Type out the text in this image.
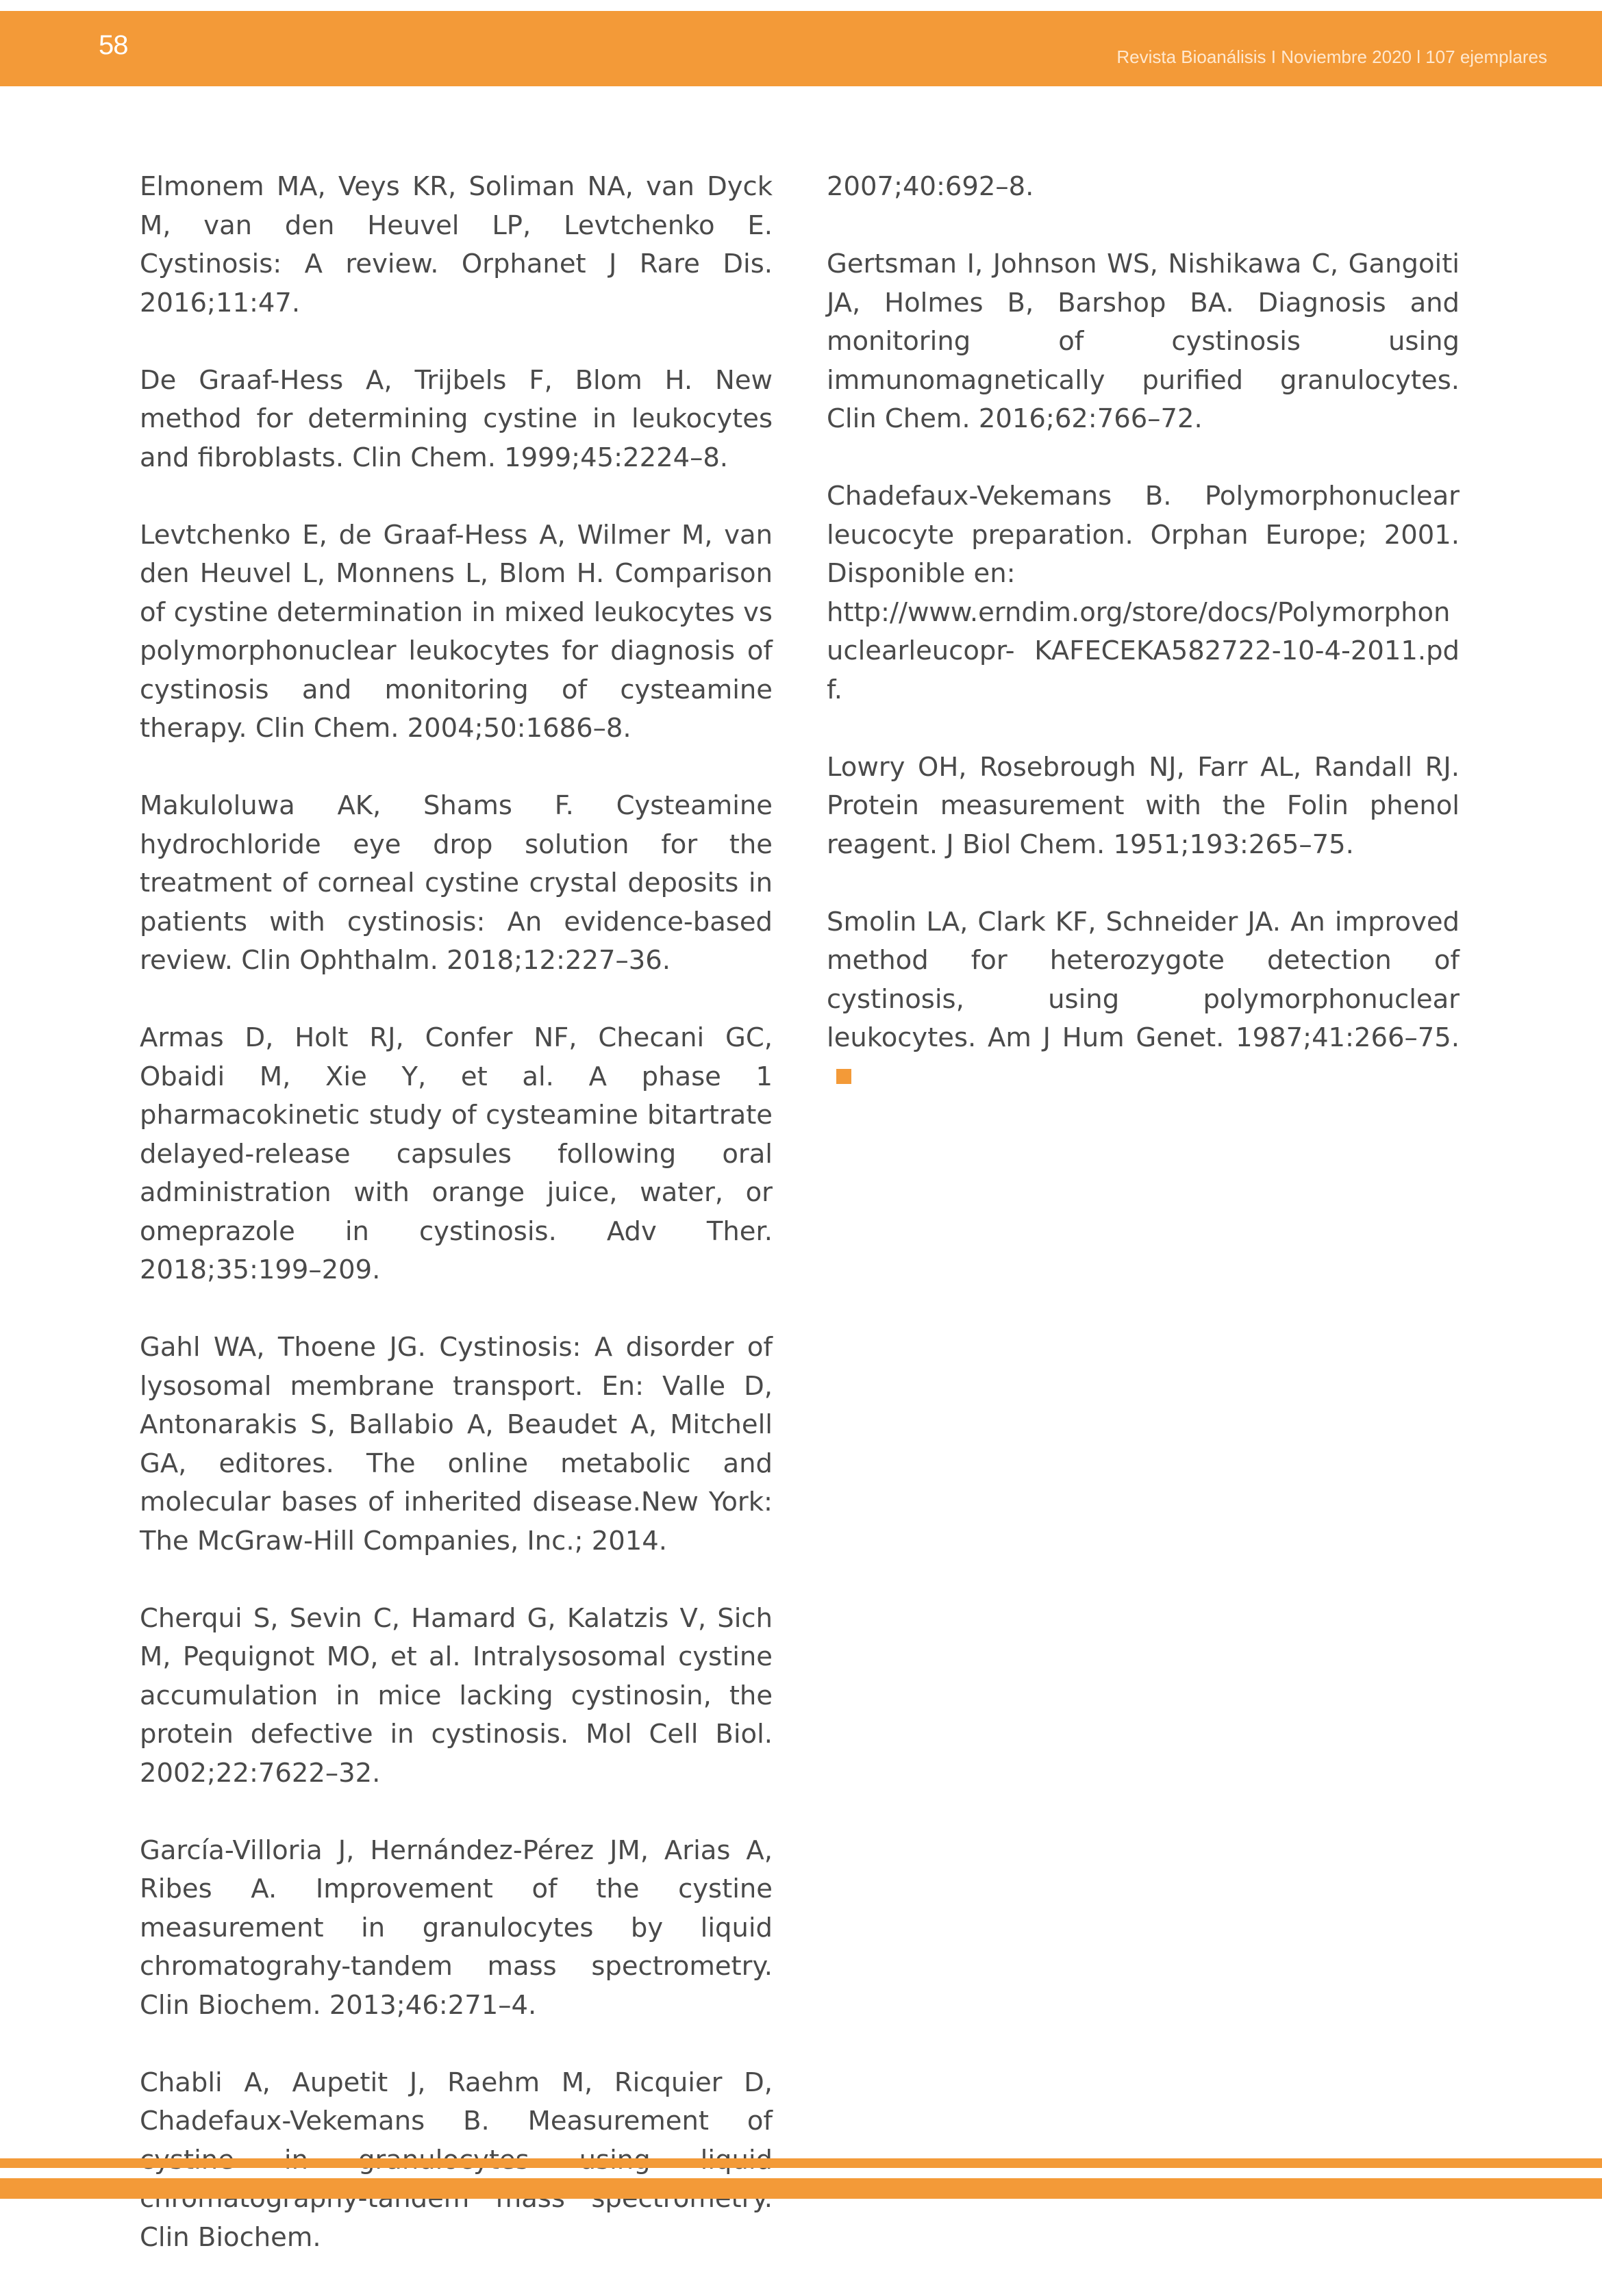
58	Revista Bioanálisis I Noviembre 2020 l 107 ejemplares

Elmonem MA, Veys KR, Soliman NA, van Dyck M, van den Heuvel LP, Levtchenko E. Cystinosis: A review. Orphanet J Rare Dis. 2016;11:47.

De Graaf-Hess A, Trijbels F, Blom H. New method for determining cystine in leukocytes and fibroblasts. Clin Chem. 1999;45:2224–8.

Levtchenko E, de Graaf-Hess A, Wilmer M, van den Heuvel L, Monnens L, Blom H. Comparison of cystine determination in mixed leukocytes vs polymorphonuclear leukocytes for diagnosis of cystinosis and monitoring of cysteamine therapy. Clin Chem. 2004;50:1686–8.

Makuloluwa AK, Shams F. Cysteamine hydrochloride eye drop solution for the treatment of corneal cystine crystal deposits in patients with cystinosis: An evidence-based review. Clin Ophthalm. 2018;12:227–36.

Armas D, Holt RJ, Confer NF, Checani GC, Obaidi M, Xie Y, et al. A phase 1 pharmacokinetic study of cysteamine bitartrate delayed-release capsules following oral administration with orange juice, water, or omeprazole in cystinosis. Adv Ther. 2018;35:199–209.

Gahl WA, Thoene JG. Cystinosis: A disorder of lysosomal membrane transport. En: Valle D, Antonarakis S, Ballabio A, Beaudet A, Mitchell GA, editores. The online metabolic and molecular bases of inherited disease.New York: The McGraw-Hill Companies, Inc.; 2014.

Cherqui S, Sevin C, Hamard G, Kalatzis V, Sich M, Pequignot MO, et al. Intralysosomal cystine accumulation in mice lacking cystinosin, the protein defective in cystinosis. Mol Cell Biol. 2002;22:7622–32.

García-Villoria J, Hernández-Pérez JM, Arias A, Ribes A. Improvement of the cystine measurement in granulocytes by liquid chromatograhy-tandem mass spectrometry. Clin Biochem. 2013;46:271–4.

Chabli A, Aupetit J, Raehm M, Ricquier D, Chadefaux-Vekemans B. Measurement of Clin Biochem.

2007;40:692–8.

Gertsman I, Johnson WS, Nishikawa C, Gangoiti JA, Holmes B, Barshop BA. Diagnosis and monitoring of cystinosis using immunomagnetically purified granulocytes. Clin Chem. 2016;62:766–72.

Chadefaux-Vekemans B. Polymorphonuclear leucocyte preparation. Orphan Europe; 2001. Disponible en:
http://www.erndim.org/store/docs/Polymorphonuclearleucopr- KAFECEKA582722-10-4-2011.pdf.

Lowry OH, Rosebrough NJ, Farr AL, Randall RJ. Protein measurement with the Folin phenol reagent. J Biol Chem. 1951;193:265–75.

Smolin LA, Clark KF, Schneider JA. An improved method for heterozygote detection of cystinosis, using polymorphonuclear leukocytes. Am J Hum Genet. 1987;41:266–75.
